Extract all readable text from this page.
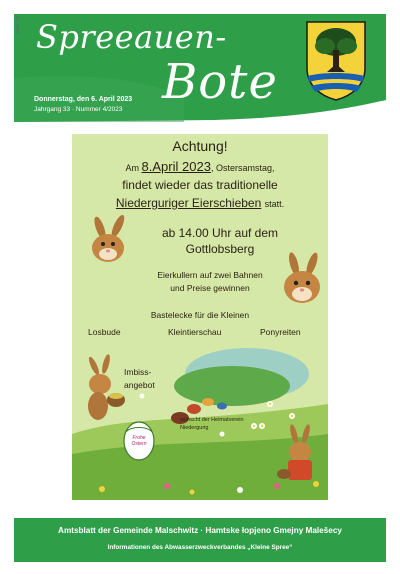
Seite 1/8 Spreeauen-
Bote
Donnerstag, den 6. April 2023
Jahrgang 33 · Nummer 4/2023
Achtung!
Am 8.April 2023, Ostersamstag,
findet wieder das traditionelle
Niederguriger Eierschieben statt.
ab 14.00 Uhr auf dem
Gottlobsberg
Eierkullern auf zwei Bahnen
und Preise gewinnen
Bastelecke für die Kleinen
Losbude	Kleintierschau	Ponyreiten
Imbiss-
angebot
wünscht der Heimatverein
Niedergurig
Frohe
Ostern
Amtsblatt der Gemeinde Malschwitz · Hamtske łopjeno Gmejny Malešecy
Informationen des Abwasserzweckverbandes „Kleine Spree“
